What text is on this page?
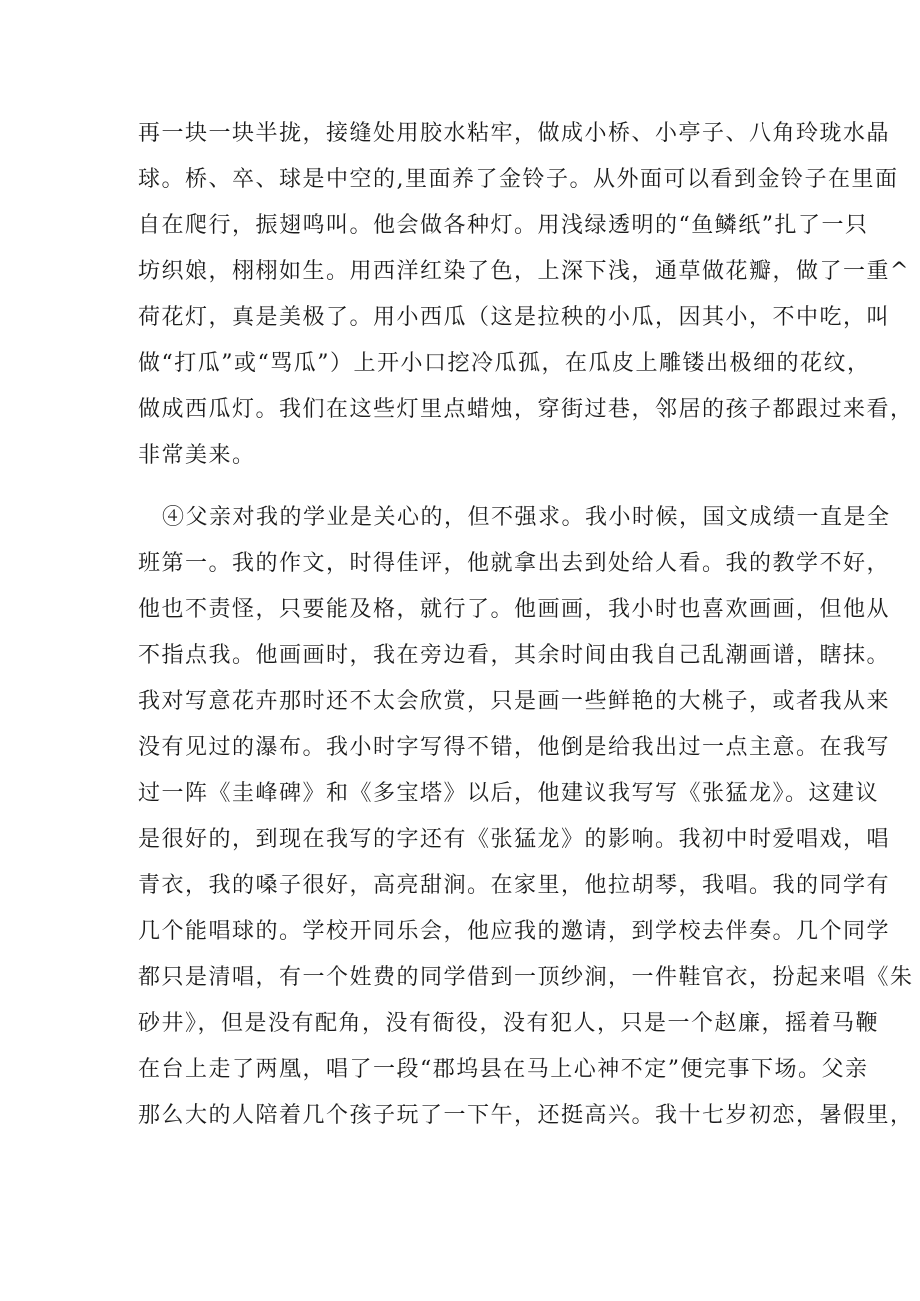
再一块一块半拢，接缝处用胶水粘牢，做成小桥、小亭子、八角玲珑水晶
球。桥、卒、球是中空的,里面养了金铃子。从外面可以看到金铃子在里面
自在爬行，振翅鸣叫。他会做各种灯。用浅绿透明的“鱼鳞纸”扎了一只
坊织娘，栩栩如生。用西洋红染了色，上深下浅，通草做花瓣，做了一重^
荷花灯，真是美极了。用小西瓜（这是拉秧的小瓜，因其小，不中吃，叫
做“打瓜”或“骂瓜”）上开小口挖冷瓜孤，在瓜皮上雕镂出极细的花纹，
做成西瓜灯。我们在这些灯里点蜡烛，穿街过巷，邻居的孩子都跟过来看，
非常美来。
④父亲对我的学业是关心的，但不强求。我小时候，国文成绩一直是全
班第一。我的作文，时得佳评，他就拿出去到处给人看。我的教学不好，
他也不责怪，只要能及格，就行了。他画画，我小时也喜欢画画，但他从
不指点我。他画画时，我在旁边看，其余时间由我自己乱潮画谱，瞎抹。
我对写意花卉那时还不太会欣赏，只是画一些鲜艳的大桃子，或者我从来
没有见过的瀑布。我小时字写得不错，他倒是给我出过一点主意。在我写
过一阵《圭峰碑》和《多宝塔》以后，他建议我写写《张猛龙》。这建议
是很好的，到现在我写的字还有《张猛龙》的影响。我初中时爱唱戏，唱
青衣，我的嗓子很好，高亮甜涧。在家里，他拉胡琴，我唱。我的同学有
几个能唱球的。学校开同乐会，他应我的邀请，到学校去伴奏。几个同学
都只是清唱，有一个姓费的同学借到一顶纱涧，一件鞋官衣，扮起来唱《朱
砂井》，但是没有配角，没有衙役，没有犯人，只是一个赵廉，摇着马鞭
在台上走了两凰，唱了一段“郡坞县在马上心神不定”便完事下场。父亲
那么大的人陪着几个孩子玩了一下午，还挺高兴。我十七岁初恋，暑假里，
